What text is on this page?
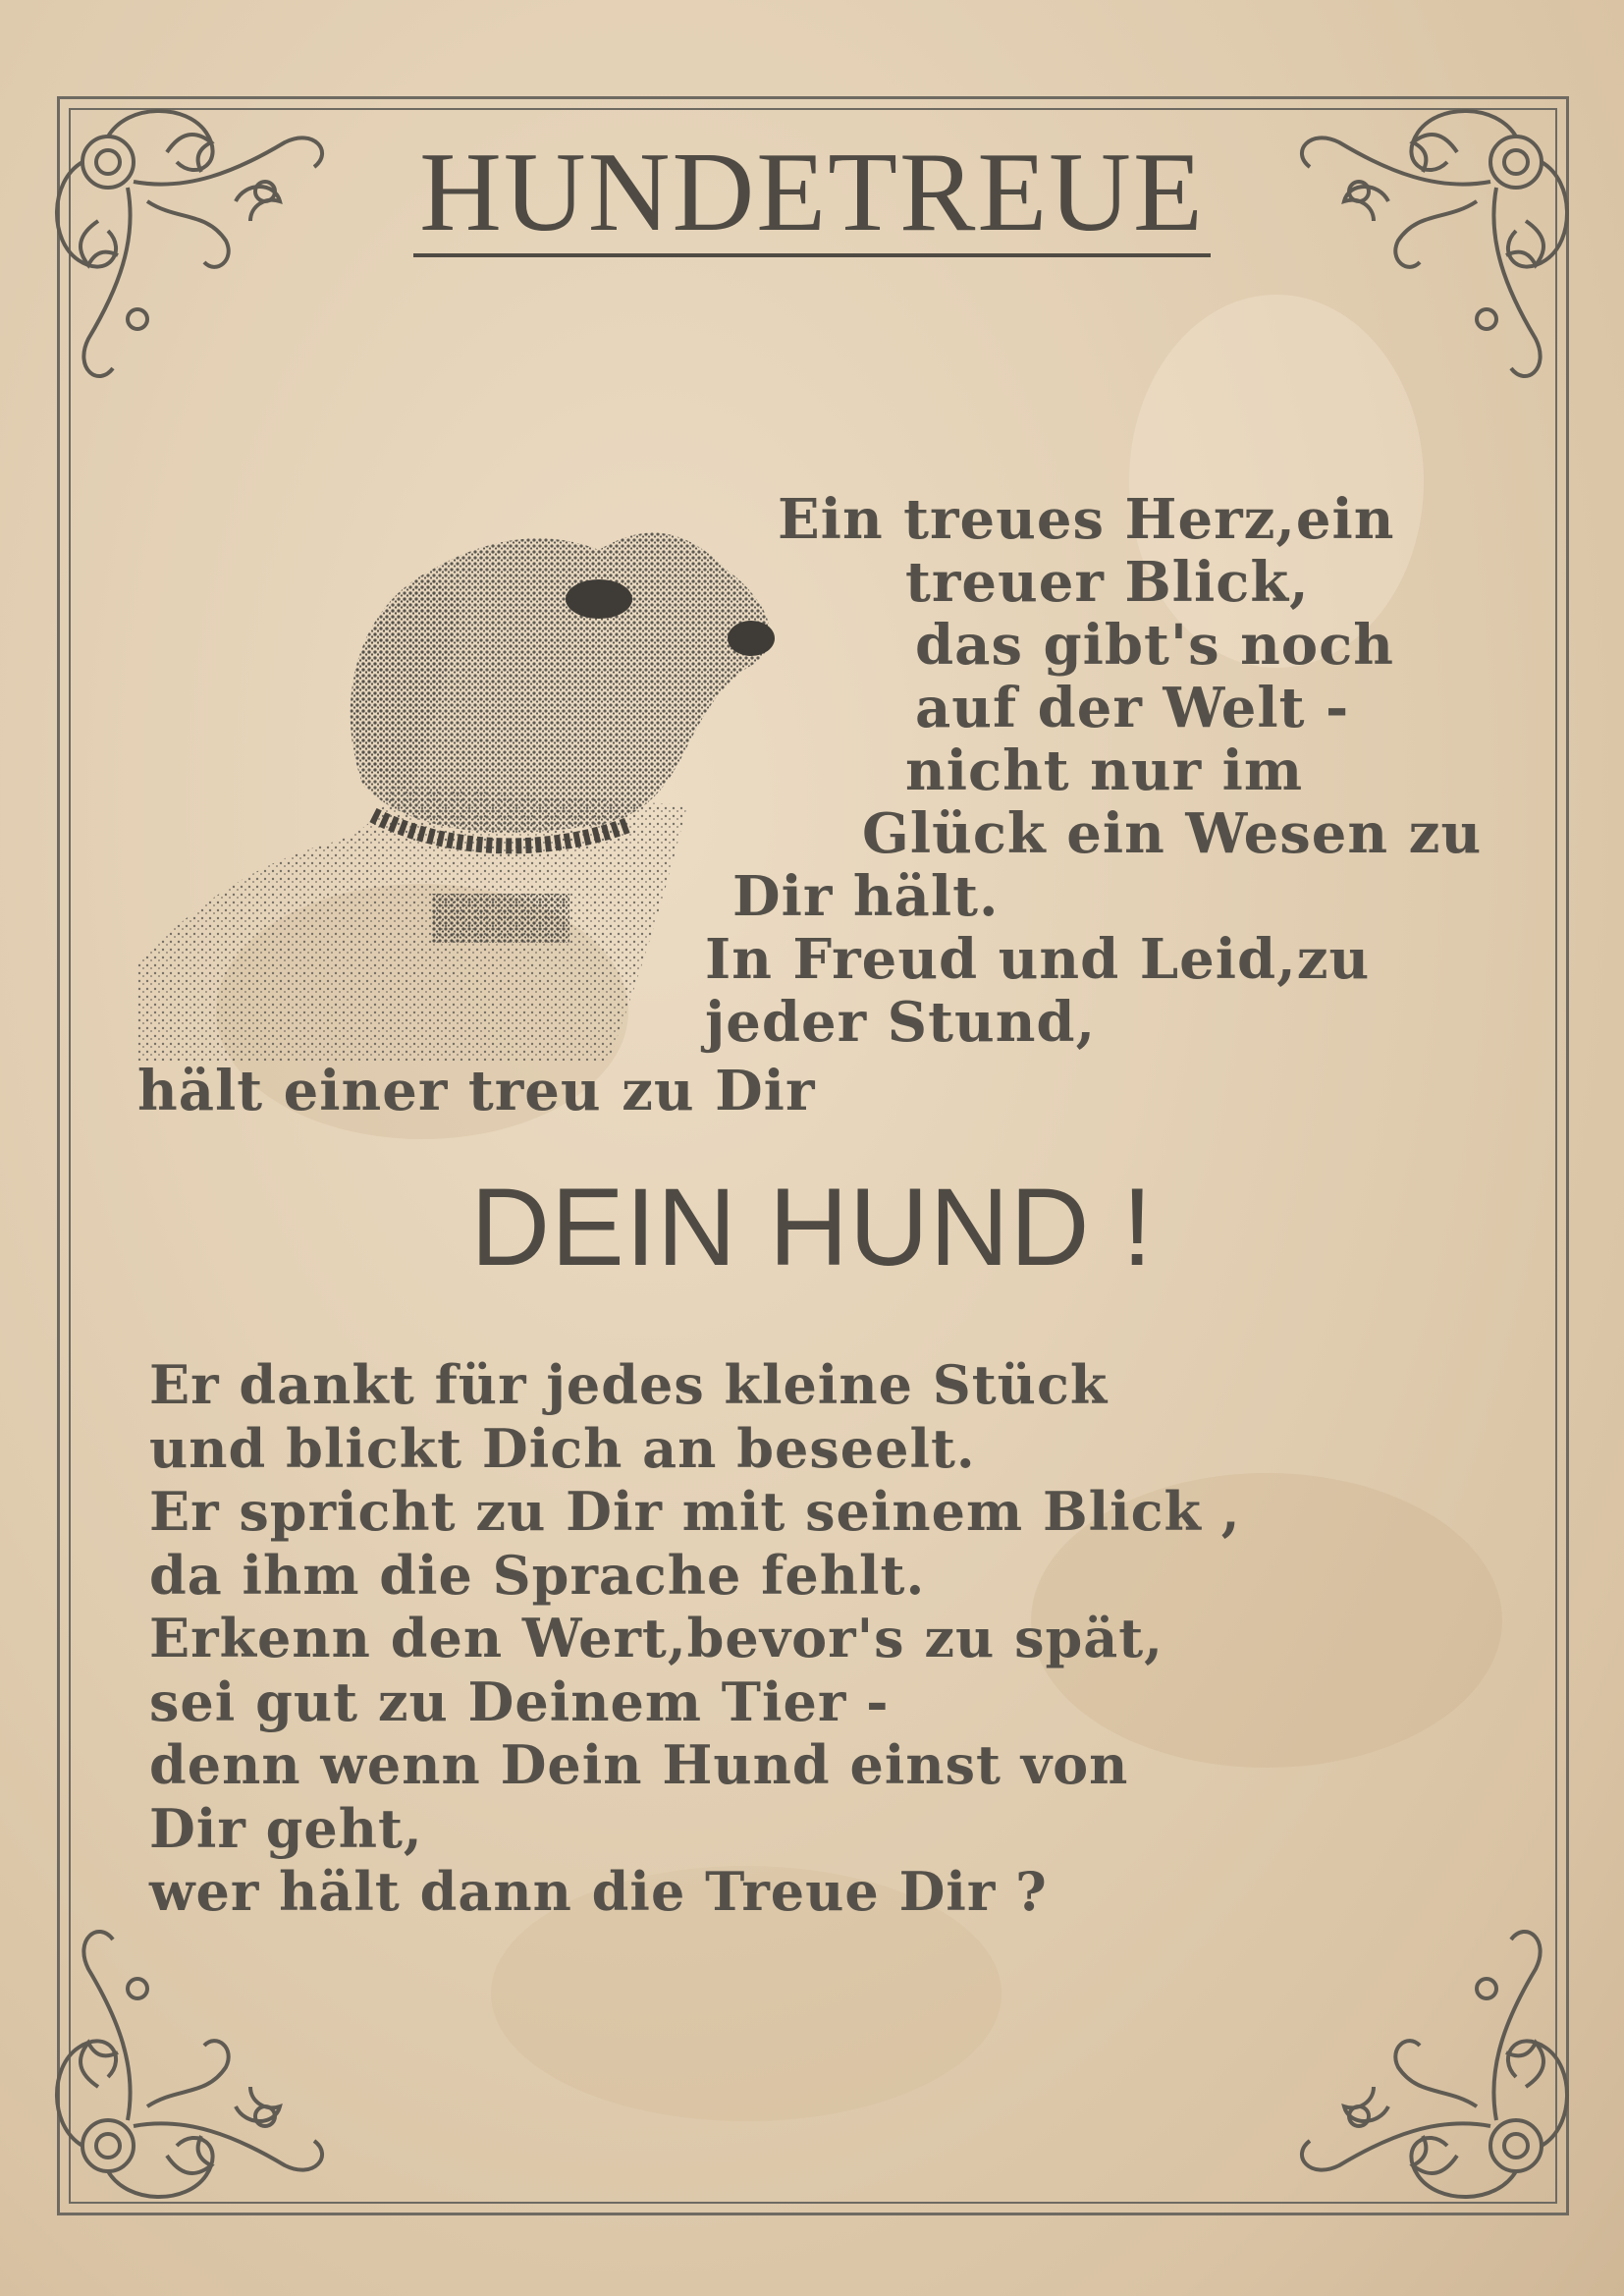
HUNDETREUE
Ein treues Herz,ein
treuer Blick,
das gibt's noch
auf der Welt -
nicht nur im
Glück ein Wesen zu
Dir hält.
In Freud und Leid,zu
jeder Stund,
hält einer treu zu Dir
DEIN HUND !
Er dankt für jedes kleine Stück
und blickt Dich an beseelt.
Er spricht zu Dir mit seinem Blick ,
da ihm die Sprache fehlt.
Erkenn den Wert,bevor's zu spät,
sei gut zu Deinem Tier -
denn wenn Dein Hund einst von
Dir geht,
wer hält dann die Treue Dir ?
